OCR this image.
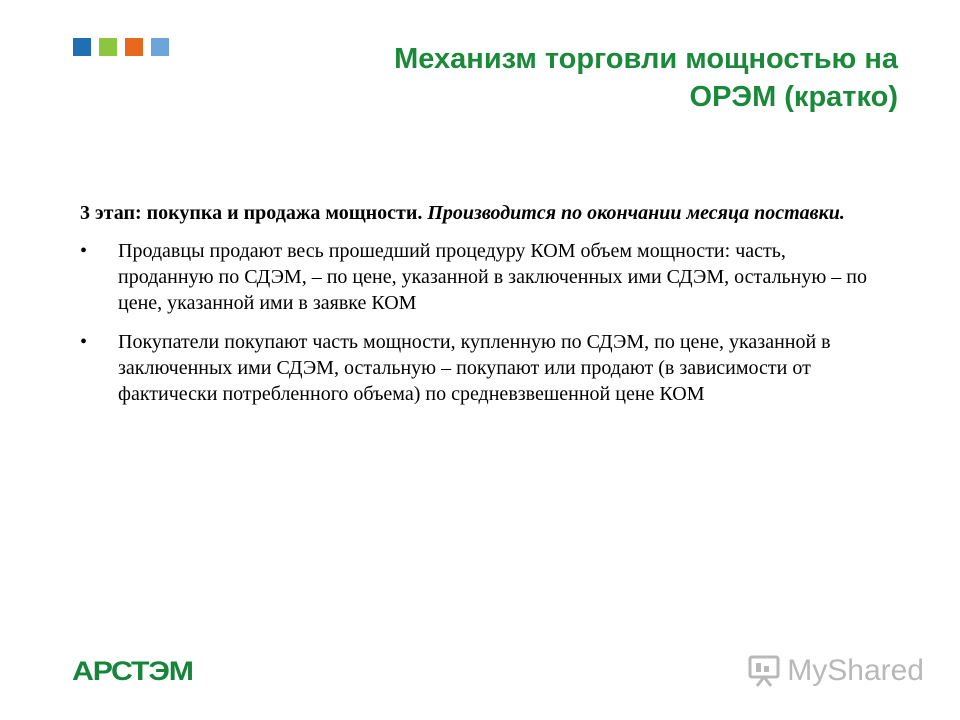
Механизм торговли мощностью на
ОРЭМ (кратко)

3 этап: покупка и продажа мощности. Производится по окончании месяца поставки.

• Продавцы продают весь прошедший процедуру КОМ объем мощности: часть, проданную по СДЭМ, – по цене, указанной в заключенных ими СДЭМ, остальную – по цене, указанной ими в заявке КОМ
• Покупатели покупают часть мощности, купленную по СДЭМ, по цене, указанной в заключенных ими СДЭМ, остальную – покупают или продают (в зависимости от фактически потребленного объема) по средневзвешенной цене КОМ
АРСТЭМ	MyShared
